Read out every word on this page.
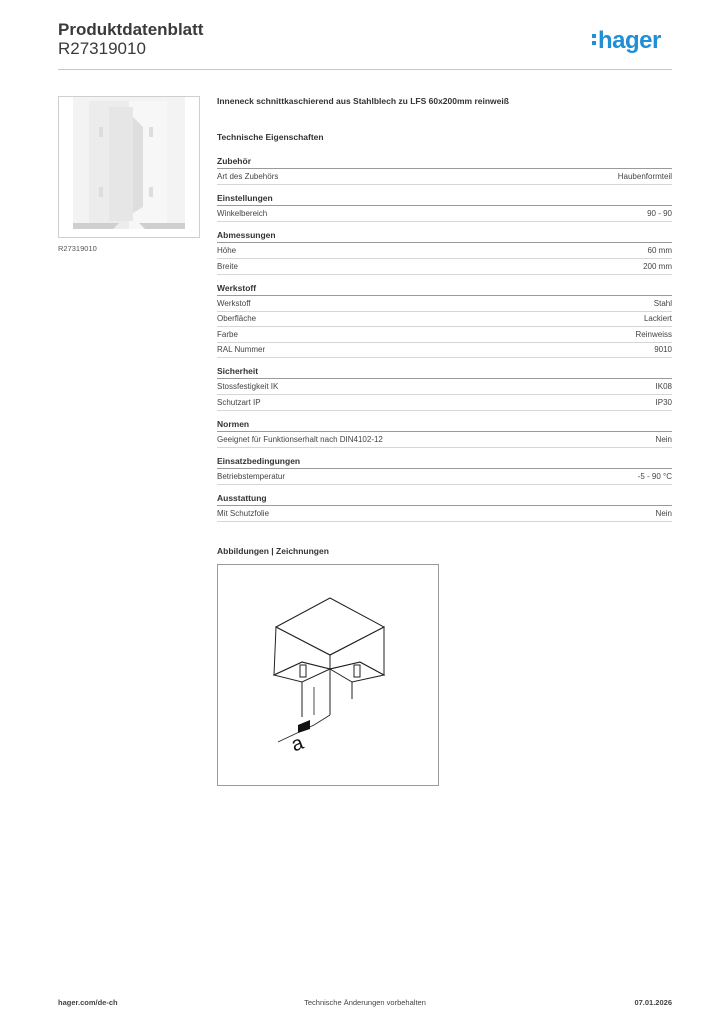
Produktdatenblatt
R27319010	hager
R27319010
Inneneck schnittkaschierend aus Stahlblech zu LFS 60x200mm reinweiß
Technische Eigenschaften
Zubehör
Art des Zubehörs	Haubenformteil
Einstellungen
Winkelbereich	90 - 90
Abmessungen
Höhe	60 mm
Breite	200 mm
Werkstoff
Werkstoff	Stahl
Oberfläche	Lackiert
Farbe	Reinweiss
RAL Nummer	9010
Sicherheit
Stossfestigkeit IK	IK08
Schutzart IP	IP30
Normen
Geeignet für Funktionserhalt nach DIN4102-12	Nein
Einsatzbedingungen
Betriebstemperatur	-5 - 90 °C
Ausstattung
Mit Schutzfolie	Nein
Abbildungen | Zeichnungen
a
hager.com/de-ch	Technische Änderungen vorbehalten	07.01.2026
